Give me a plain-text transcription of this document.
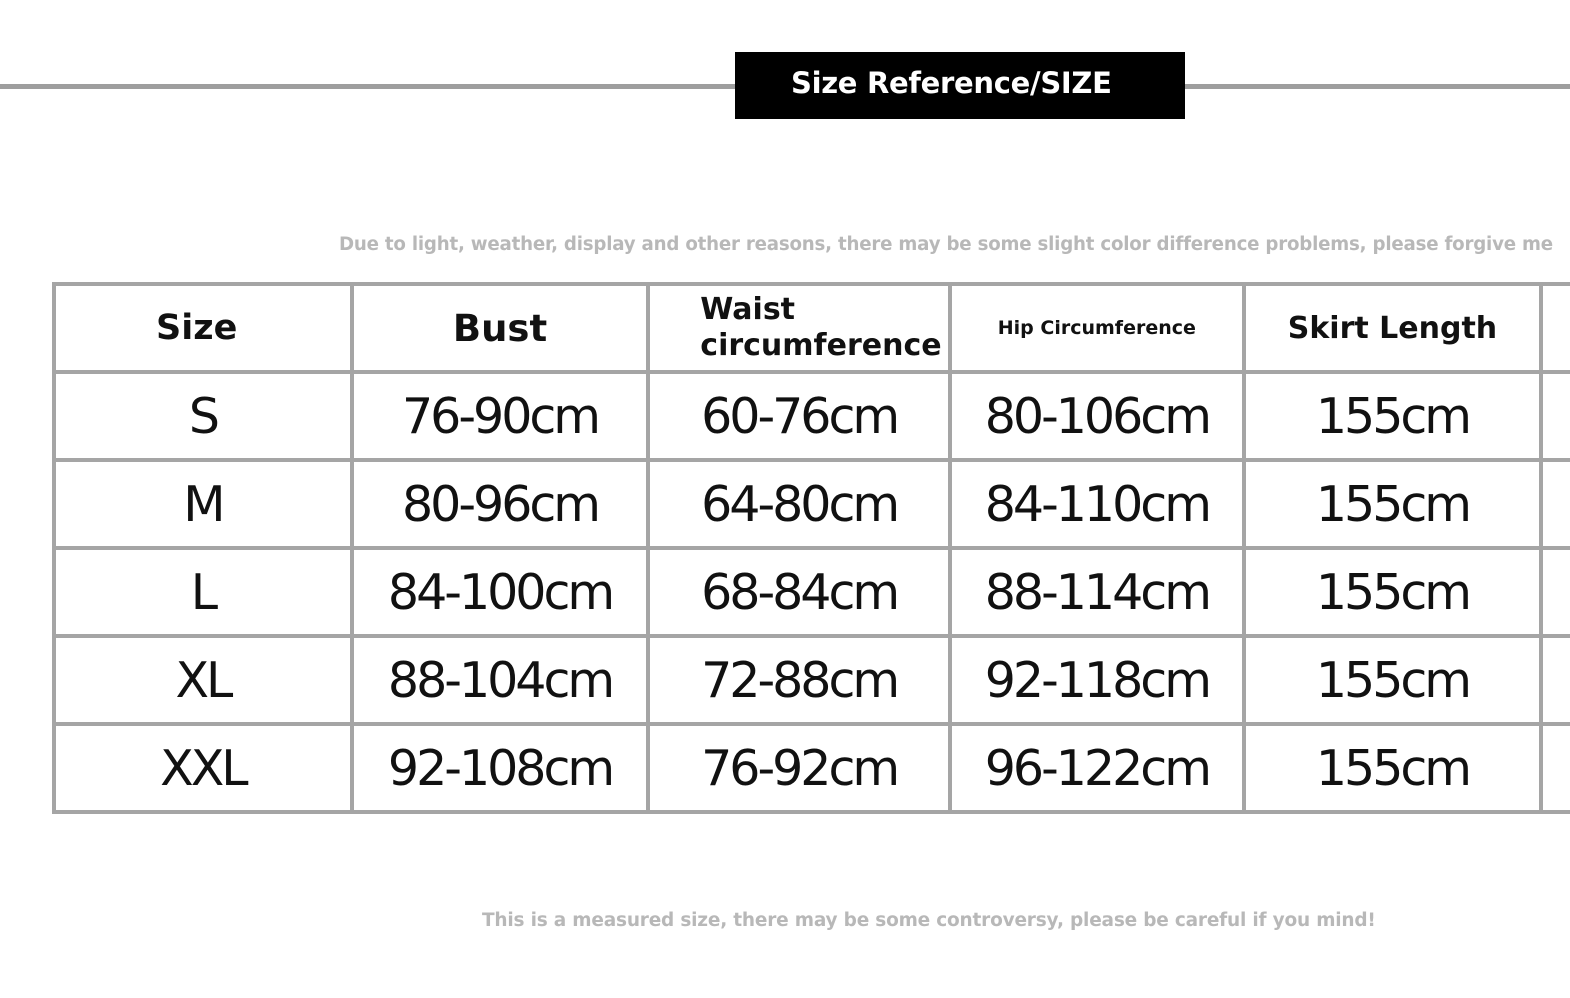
Size Reference/SIZE
Due to light, weather, display and other reasons, there may be some slight color difference problems, please forgive me
Size	Bust	Waist circumference	Hip Circumference	Skirt Length	
S	76-90cm	60-76cm	80-106cm	155cm	
M	80-96cm	64-80cm	84-110cm	155cm	
L	84-100cm	68-84cm	88-114cm	155cm	
XL	88-104cm	72-88cm	92-118cm	155cm	
XXL	92-108cm	76-92cm	96-122cm	155cm	
This is a measured size, there may be some controversy, please be careful if you mind!
